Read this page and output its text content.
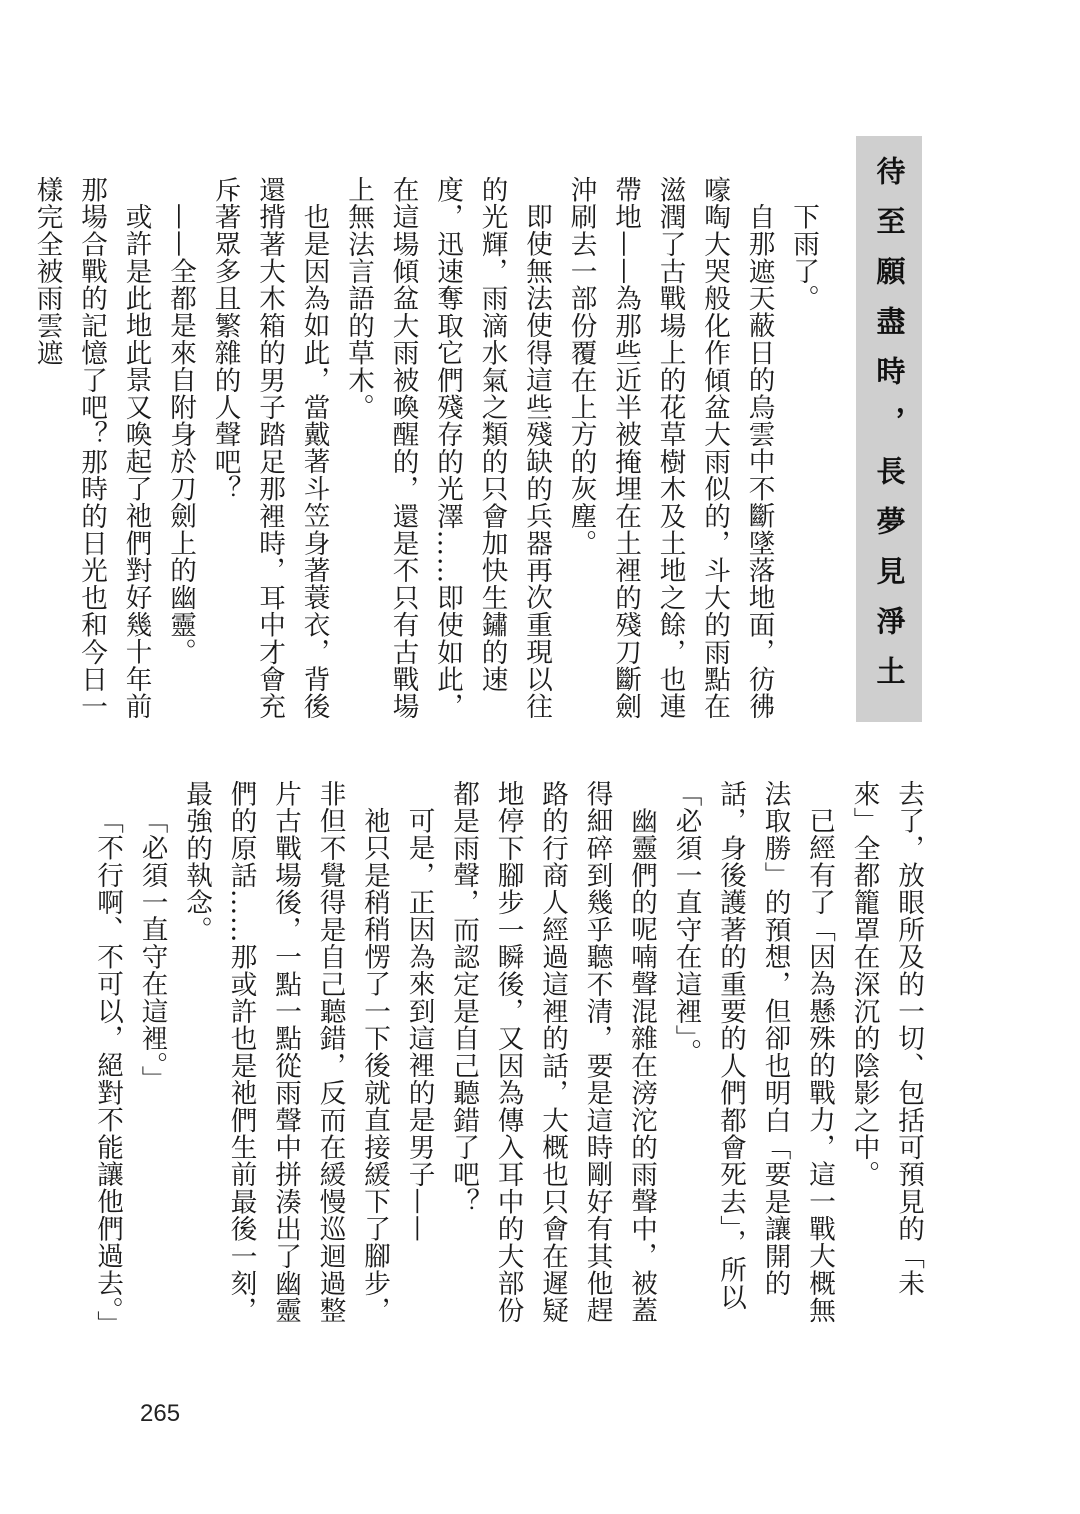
待至願盡時，長夢見淨土

下雨了。

自那遮天蔽日的烏雲中不斷墜落地面，彷彿嚎啕大哭般化作傾盆大雨似的，斗大的雨點在滋潤了古戰場上的花草樹木及土地之餘，也連帶地——為那些近半被掩埋在土裡的殘刀斷劍沖刷去一部份覆在上方的灰塵。

即使無法使得這些殘缺的兵器再次重現以往的光輝，雨滴水氣之類的只會加快生鏽的速度，迅速奪取它們殘存的光澤……即使如此，在這場傾盆大雨被喚醒的，還是不只有古戰場上無法言語的草木。

也是因為如此，當戴著斗笠身著蓑衣，背後還揹著大木箱的男子踏足那裡時，耳中才會充斥著眾多且繁雜的人聲吧？

——全都是來自附身於刀劍上的幽靈。

或許是此地此景又喚起了祂們對好幾十年前那場合戰的記憶了吧？那時的日光也和今日一樣完全被雨雲遮

去了，放眼所及的一切、包括可預見的「未來」全都籠罩在深沉的陰影之中。

已經有了「因為懸殊的戰力，這一戰大概無法取勝」的預想，但卻也明白「要是讓開的話，身後護著的重要的人們都會死去」，所以「必須一直守在這裡」。

幽靈們的呢喃聲混雜在滂沱的雨聲中，被蓋得細碎到幾乎聽不清，要是這時剛好有其他趕路的行商人經過這裡的話，大概也只會在遲疑地停下腳步一瞬後，又因為傳入耳中的大部份都是雨聲，而認定是自己聽錯了吧？

可是，正因為來到這裡的是男子——

祂只是稍稍愣了一下後就直接緩下了腳步，非但不覺得是自己聽錯，反而在緩慢巡迴過整片古戰場後，一點一點從雨聲中拼湊出了幽靈們的原話……那或許也是祂們生前最後一刻，最強的執念。

「必須一直守在這裡。」

「不行啊、不可以，絕對不能讓他們過去。」

265
